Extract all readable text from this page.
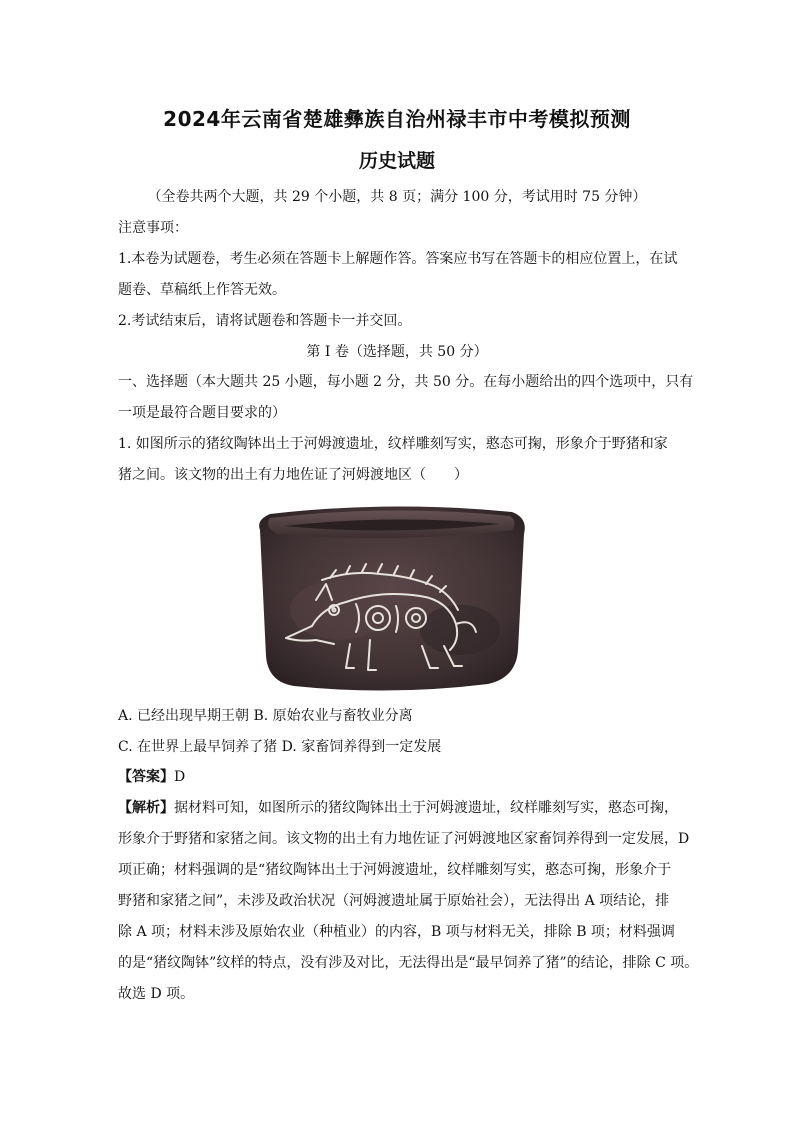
2024年云南省楚雄彝族自治州禄丰市中考模拟预测
历史试题
（全卷共两个大题，共 29 个小题，共 8 页；满分 100 分，考试用时 75 分钟）
注意事项：
1.本卷为试题卷，考生必须在答题卡上解题作答。答案应书写在答题卡的相应位置上，在试
题卷、草稿纸上作答无效。
2.考试结束后，请将试题卷和答题卡一并交回。
第 I 卷（选择题，共 50 分）
一、选择题（本大题共 25 小题，每小题 2 分，共 50 分。在每小题给出的四个选项中，只有
一项是最符合题目要求的）
1. 如图所示的猪纹陶钵出土于河姆渡遗址，纹样雕刻写实，憨态可掬，形象介于野猪和家
猪之间。该文物的出土有力地佐证了河姆渡地区（　　）
A. 已经出现早期王朝 B. 原始农业与畜牧业分离
C. 在世界上最早饲养了猪 D. 家畜饲养得到一定发展
【答案】D
【解析】据材料可知，如图所示的猪纹陶钵出土于河姆渡遗址，纹样雕刻写实，憨态可掬，
形象介于野猪和家猪之间。该文物的出土有力地佐证了河姆渡地区家畜饲养得到一定发展，D
项正确；材料强调的是“猪纹陶钵出土于河姆渡遗址，纹样雕刻写实，憨态可掬，形象介于
野猪和家猪之间”，未涉及政治状况（河姆渡遗址属于原始社会），无法得出 A 项结论，排
除 A 项；材料未涉及原始农业（种植业）的内容，B 项与材料无关，排除 B 项；材料强调
的是“猪纹陶钵”纹样的特点，没有涉及对比，无法得出是“最早饲养了猪”的结论，排除 C 项。
故选 D 项。
